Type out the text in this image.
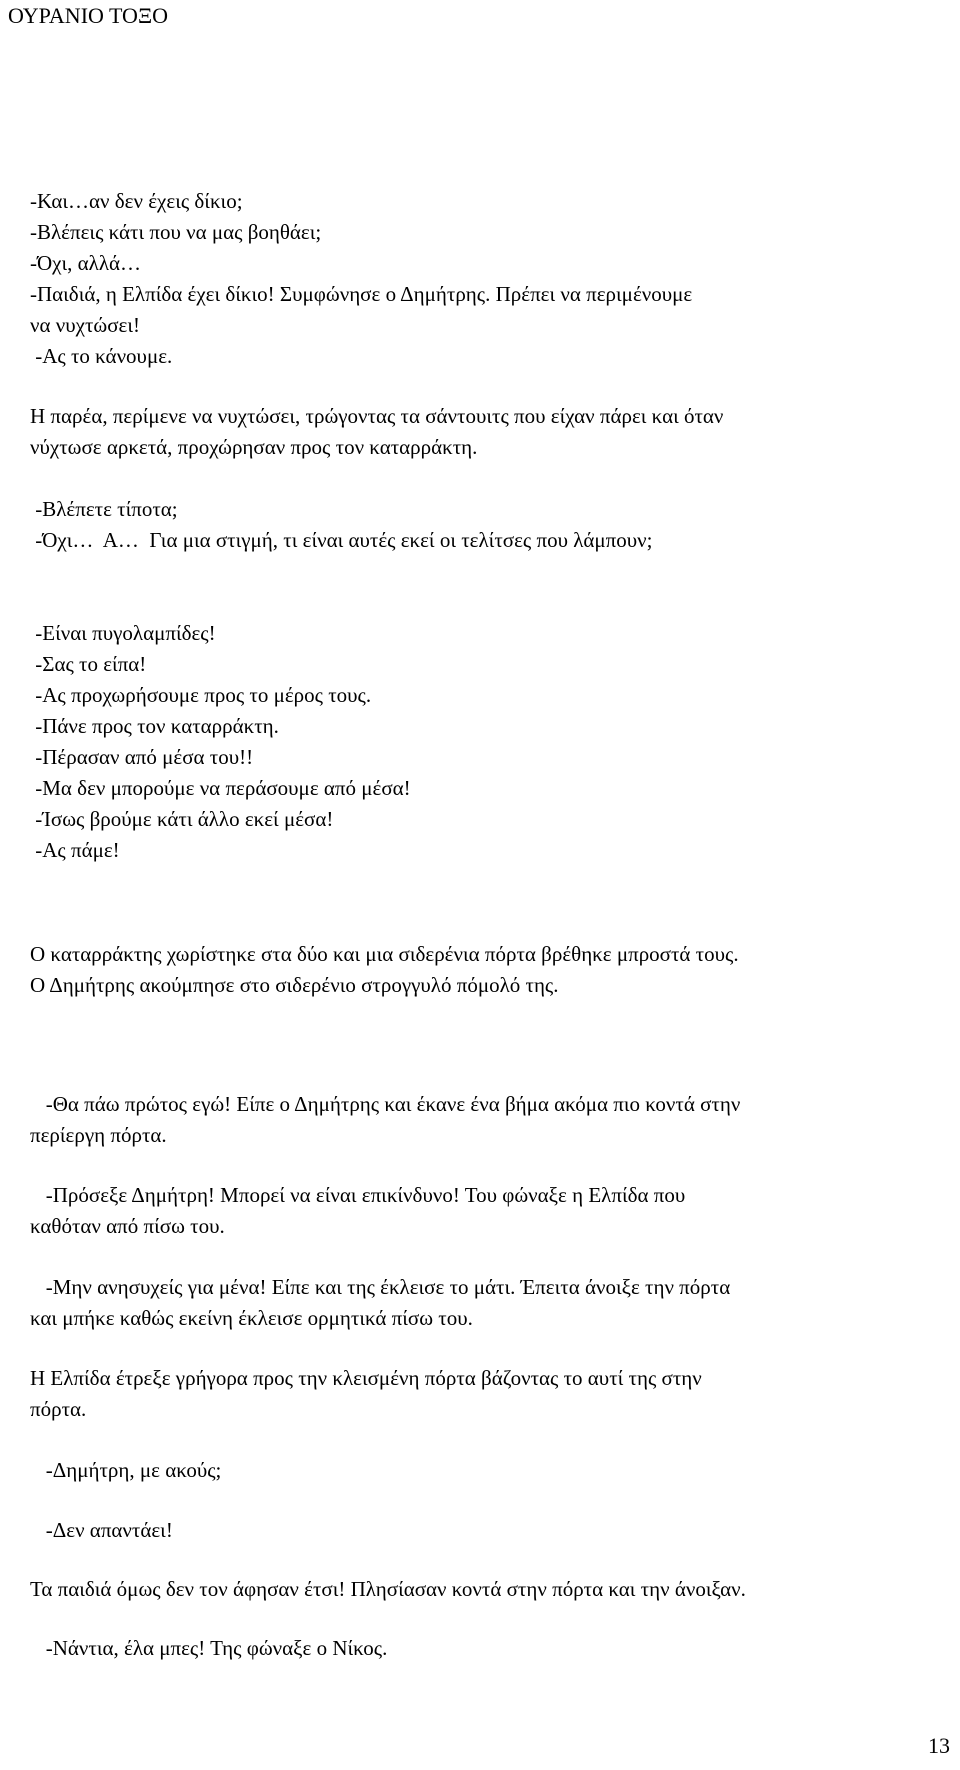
ΟΥΡΑΝΙΟ ΤΟΞΟ
-Και…αν δεν έχεις δίκιο;
-Βλέπεις κάτι που να μας βοηθάει;
-Όχι, αλλά…
-Παιδιά, η Ελπίδα έχει δίκιο! Συμφώνησε ο Δημήτρης. Πρέπει να περιμένουμε
να νυχτώσει!
-Ας το κάνουμε.
Η παρέα, περίμενε να νυχτώσει, τρώγοντας τα σάντουιτς που είχαν πάρει και όταν
νύχτωσε αρκετά, προχώρησαν προς τον καταρράκτη.
-Βλέπετε τίποτα;
-Όχι…  Α…  Για μια στιγμή, τι είναι αυτές εκεί οι τελίτσες που λάμπουν;
-Είναι πυγολαμπίδες!
-Σας το είπα!
-Ας προχωρήσουμε προς το μέρος τους.
-Πάνε προς τον καταρράκτη.
-Πέρασαν από μέσα του!!
-Μα δεν μπορούμε να περάσουμε από μέσα!
-Ίσως βρούμε κάτι άλλο εκεί μέσα!
-Ας πάμε!
Ο καταρράκτης χωρίστηκε στα δύο και μια σιδερένια πόρτα βρέθηκε μπροστά τους.
Ο Δημήτρης ακούμπησε στο σιδερένιο στρογγυλό πόμολό της.
-Θα πάω πρώτος εγώ! Είπε ο Δημήτρης και έκανε ένα βήμα ακόμα πιο κοντά στην
περίεργη πόρτα.
-Πρόσεξε Δημήτρη! Μπορεί να είναι επικίνδυνο! Του φώναξε η Ελπίδα που
καθόταν από πίσω του.
-Μην ανησυχείς για μένα! Είπε και της έκλεισε το μάτι. Έπειτα άνοιξε την πόρτα
και μπήκε καθώς εκείνη έκλεισε ορμητικά πίσω του.
Η Ελπίδα έτρεξε γρήγορα προς την κλεισμένη πόρτα βάζοντας το αυτί της στην
πόρτα.
-Δημήτρη, με ακούς;
-Δεν απαντάει!
Τα παιδιά όμως δεν τον άφησαν έτσι! Πλησίασαν κοντά στην πόρτα και την άνοιξαν.
-Νάντια, έλα μπες! Της φώναξε ο Νίκος.
13
